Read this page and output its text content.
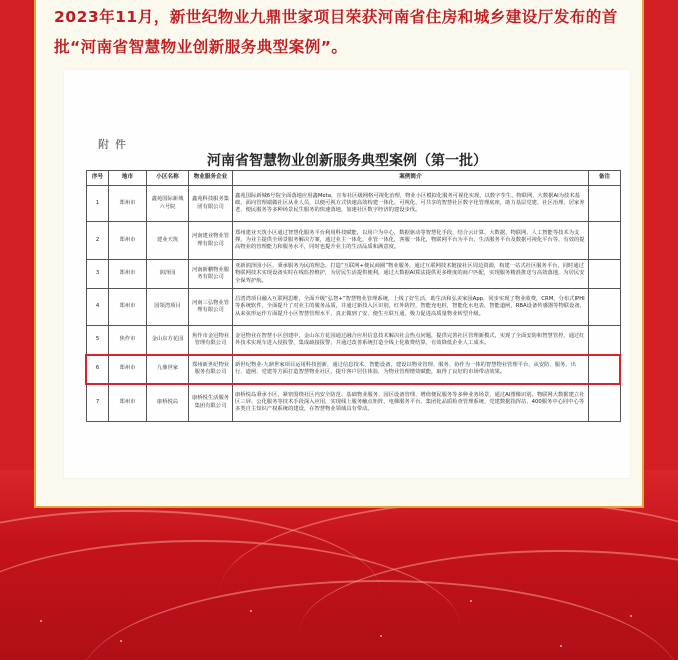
2023年11月，新世纪物业九鼎世家项目荣获河南省住房和城乡建设厅发布的首
批“河南省智慧物业创新服务典型案例”。
附件
河南省智慧物业创新服务典型案例（第一批）
序号	地市	小区名称	物业服务企业	案例简介	备注
1	郑州市	鑫苑国际新城六号院	鑫苑科技服务集团有限公司	鑫苑国际新城6号院全面落地应用鑫Meta，宣布社区级网格可视化治理，物业小区模拟化服务可视化实现，以数字孪生、物联网、大数据AI为技术基础，面向管理端做社区从业人员，以便可视方式快速高效构建一体化、可视化、可共享的智慧社区数字化管理底座，助力基层党建、社区治理、居家养老、便民服务等多种场景民生服务的快速落地，加速社区数字经济的建设步伐。	
2	郑州市	建业天筑	河南建业物业管理有限公司	郑州建业天筑小区通过智慧化服务平台利用科技赋能，以用户为中心，数据驱动等智慧化手段，结合云计算、大数据、物联网、人工智能等技术为支撑，为业主提供全场景服务解决方案，通过业主一体化，业管一体化，客服一体化，物联网平台为平台，生活服务平台及数据可视化平台等，有效的提高物业的管理能力和服务水平，同时也提升业主的生活品质和满意度。	
3	郑州市	润泽园	河南新鹏物业服务有限公司	亚新润泽园小区，秉承服务为民的理念，打造“互联网+便民商圈”物业服务，通过互联网技术链接社区周边资源，构建一站式社区服务平台，同时通过物联网技术实现设备实时在线监控维护，为居民生活提供便利，通过大数据AI算法提供更多维度的商户匹配，实现服务精准推送与高效落地，为居民安全保驾护航。	
4	郑州市	国领湾项目	河南三弘物业管理有限公司	昌湾湾项目融入互联网思维，全面升级“弘智+”智慧物业管理系统，上线了好生活，助生活和弘美家园App，同步实现了物业收费，CRM，分布式IPHI等系统软件，全面提升了对业主的服务品质，并通过新技入区识别，红外防控，智能充电桩，智能化水电表，智能道闸，RBA设备传感器等物联设备，从来弦形运作方面提升小区智慧管理水平，真正做到了安、便生互联互通，极力促进高质量物业转型升级。	
5	焦作市	金山东方花园	焦作市金冠物业管理有限公司	金冠物业在智慧小区创建中，金山东方花园通过融合应用信息技术解决社会热点问题，提供完善社区管理新模式，实现了全面安防和智慧管控，通过红外技术实现车进入侵报警，集成疏接报警，并通过改善系统打造全线上化收费结算，有效降低企业人工成本。	
6	郑州市	九鼎世家	郑州新世纪物业服务有限公司	新世纪物业-九鼎世家项目运用科技创新，通过信息技术、智能设备，建设以物业管理、服务、协作为一体的智慧物业管理平台，从安防、服务、出行、道闸、党建等方面打造智慧物业社区，提升客户居住体验，为物业管理增效赋能，取得了良好的市场带动效果。	
7	郑州市	康桥悦岛	康桥悦生活服务集团有限公司	康桥悦岛秉承小区，紧密围绕社区内安全防范、基础物业服务、园区设备管理、增值便民服务等多种业务场景，通过AI图像识别、物联网大数据建立社区三屏、公化服务等技术手段深入应用，实现线上服务触点矩阵，电梯服务平台、集团化品质检查管理系统、党建数据指挥站、400服务中心同中心等多类自主知识产权系统的建设，在智慧物业领域具有带动。	
